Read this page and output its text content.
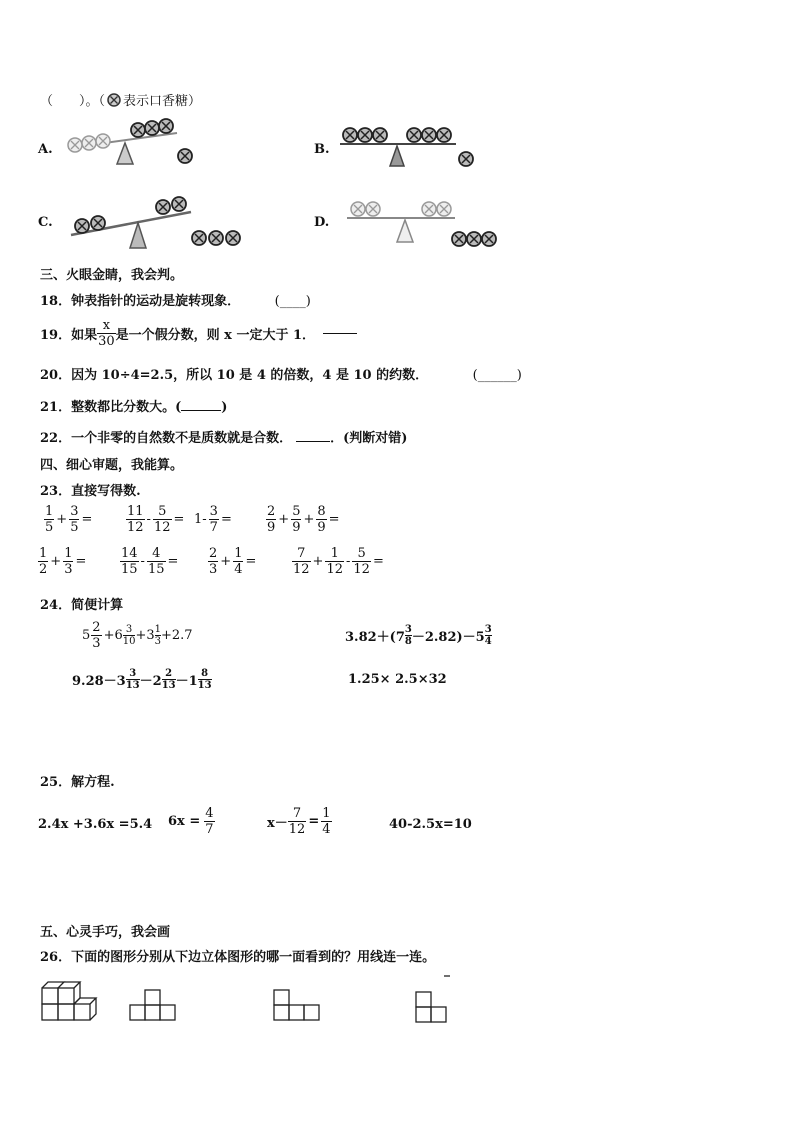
（　　）。（ 表示口香糖）
A.	B.
C.	D.
三、火眼金睛，我会判。
18．钟表指针的运动是旋转现象．	(____)
19．如果
x
30 是一个假分数，则 x 一定大于 1．
20．因为 10÷4=2.5，所以 10 是 4 的倍数，4 是 10 的约数．	(______)
21．整数都比分数大。(	)
22．一个非零的自然数不是质数就是合数．	．(判断对错)
四、细心审题，我能算。
23．直接写得数.
1
5
+ $\frac{3}{5}$ =
11
12
- $\frac{5}{12} = 1- \frac{3}{7}$ =
2
9
+ $\frac{5}{9} + \frac{8}{9}$ =
1
2
+ $\frac{1}{3}$ =
14
15
- $\frac{4}{15}$ =
2
3
+ $\frac{1}{4}$ =
7
12
+ $\frac{1}{12} - \frac{5}{12}$ =
24．简便计算
5
2
3
+6 3
10 +3 1
3 +2.7	3.82＋(7
3
8 －2.82)－5
3
4
9.28－3
3
13 －2
2
13 －1
8
13	1.25× 2.5×32
25．解方程.
2.4x +3.6x =5.4 $6x = \frac{4}{7}$	$x- \frac{7}{12} = \frac{1}{4}$	40-2.5x=10
五、心灵手巧，我会画
26．下面的图形分别从下边立体图形的哪一面看到的？用线连一连。
